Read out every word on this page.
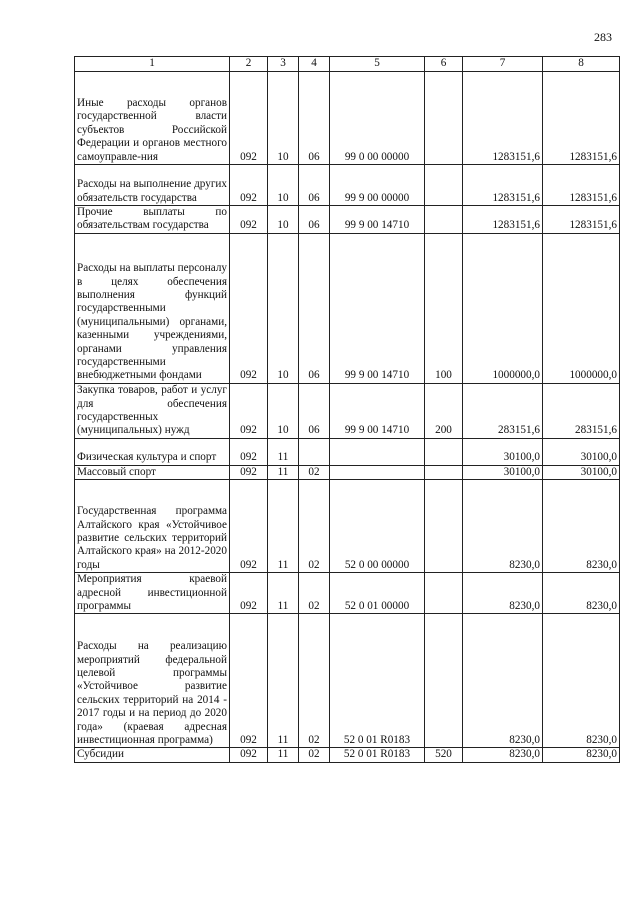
283
1	2	3	4	5	6	7	8
Иные расходы органов государственной власти субъектов Российской Федерации и органов местного самоуправле-ния	092	10	06	99 0 00 00000		1283151,6	1283151,6
Расходы на выполнение других обязательств государства	092	10	06	99 9 00 00000		1283151,6	1283151,6
Прочие выплаты по обязательствам государства	092	10	06	99 9 00 14710		1283151,6	1283151,6
Расходы на выплаты персоналу в целях обеспечения выполнения функций государственными (муниципальными) органами, казенными учреждениями, органами управления государственными внебюджетными фондами	092	10	06	99 9 00 14710	100	1000000,0	1000000,0
Закупка товаров, работ и услуг для обеспечения государственных (муниципальных) нужд	092	10	06	99 9 00 14710	200	283151,6	283151,6
Физическая культура и спорт	092	11				30100,0	30100,0
Массовый спорт	092	11	02			30100,0	30100,0
Государственная программа Алтайского края «Устойчивое развитие сельских территорий Алтайского края» на 2012-2020 годы	092	11	02	52 0 00 00000		8230,0	8230,0
Мероприятия краевой адресной инвестиционной программы	092	11	02	52 0 01 00000		8230,0	8230,0
Расходы на реализацию мероприятий федеральной целевой программы «Устойчивое развитие сельских территорий на 2014 - 2017 годы и на период до 2020 года» (краевая адресная инвестиционная программа)	092	11	02	52 0 01 R0183		8230,0	8230,0
Субсидии	092	11	02	52 0 01 R0183	520	8230,0	8230,0
